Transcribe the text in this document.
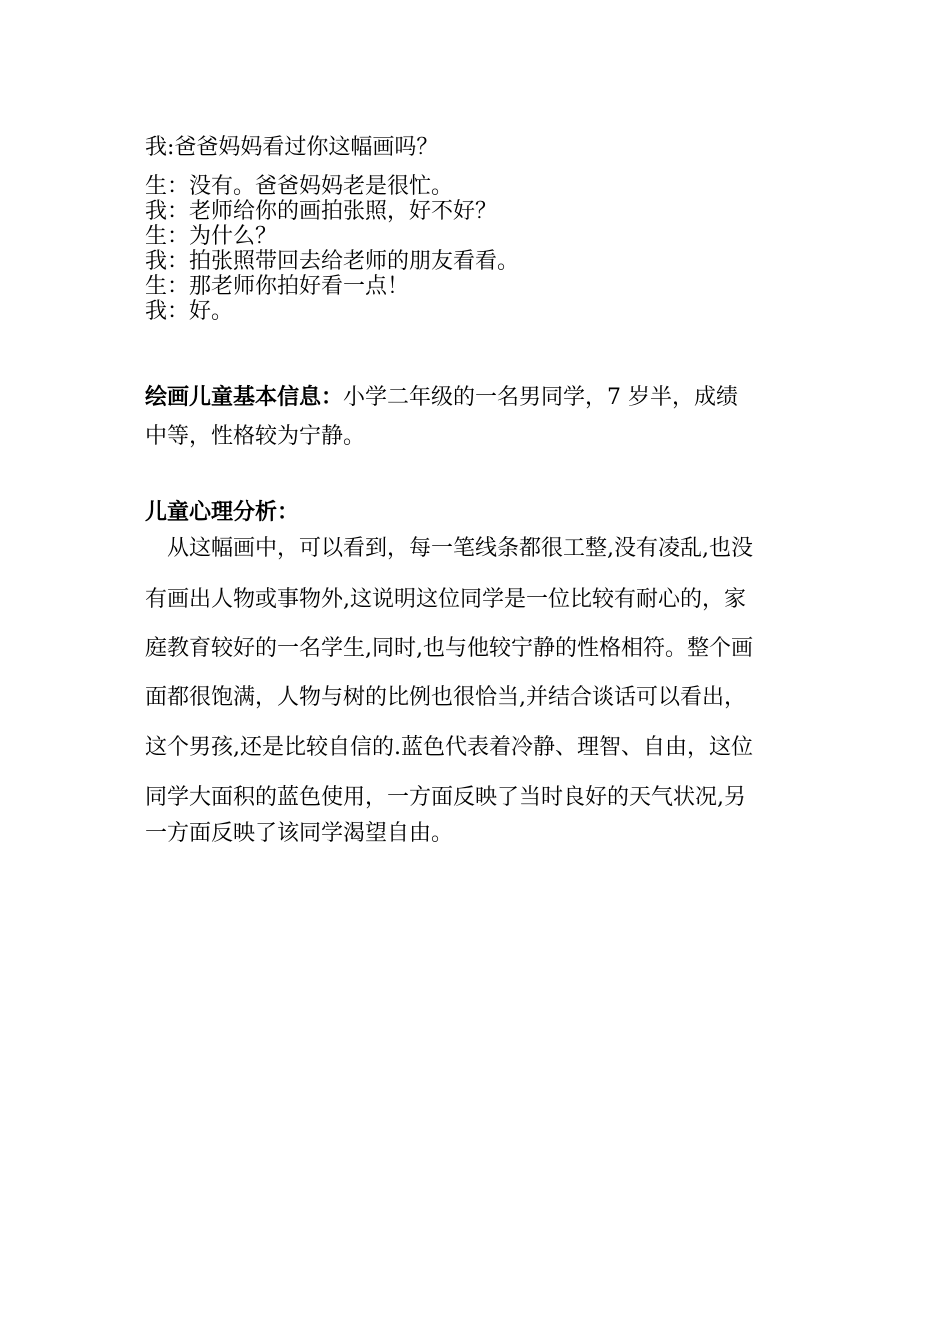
我:爸爸妈妈看过你这幅画吗？
生：没有。爸爸妈妈老是很忙。
我：老师给你的画拍张照，好不好？
生：为什么？
我：拍张照带回去给老师的朋友看看。
生：那老师你拍好看一点！
我：好。
绘画儿童基本信息：小学二年级的一名男同学，7 岁半，成绩
中等，性格较为宁静。
儿童心理分析：
从这幅画中，可以看到，每一笔线条都很工整,没有凌乱,也没
有画出人物或事物外,这说明这位同学是一位比较有耐心的，家
庭教育较好的一名学生,同时,也与他较宁静的性格相符。整个画
面都很饱满，人物与树的比例也很恰当,并结合谈话可以看出，
这个男孩,还是比较自信的.蓝色代表着冷静、理智、自由，这位
同学大面积的蓝色使用，一方面反映了当时良好的天气状况,另
一方面反映了该同学渴望自由。
